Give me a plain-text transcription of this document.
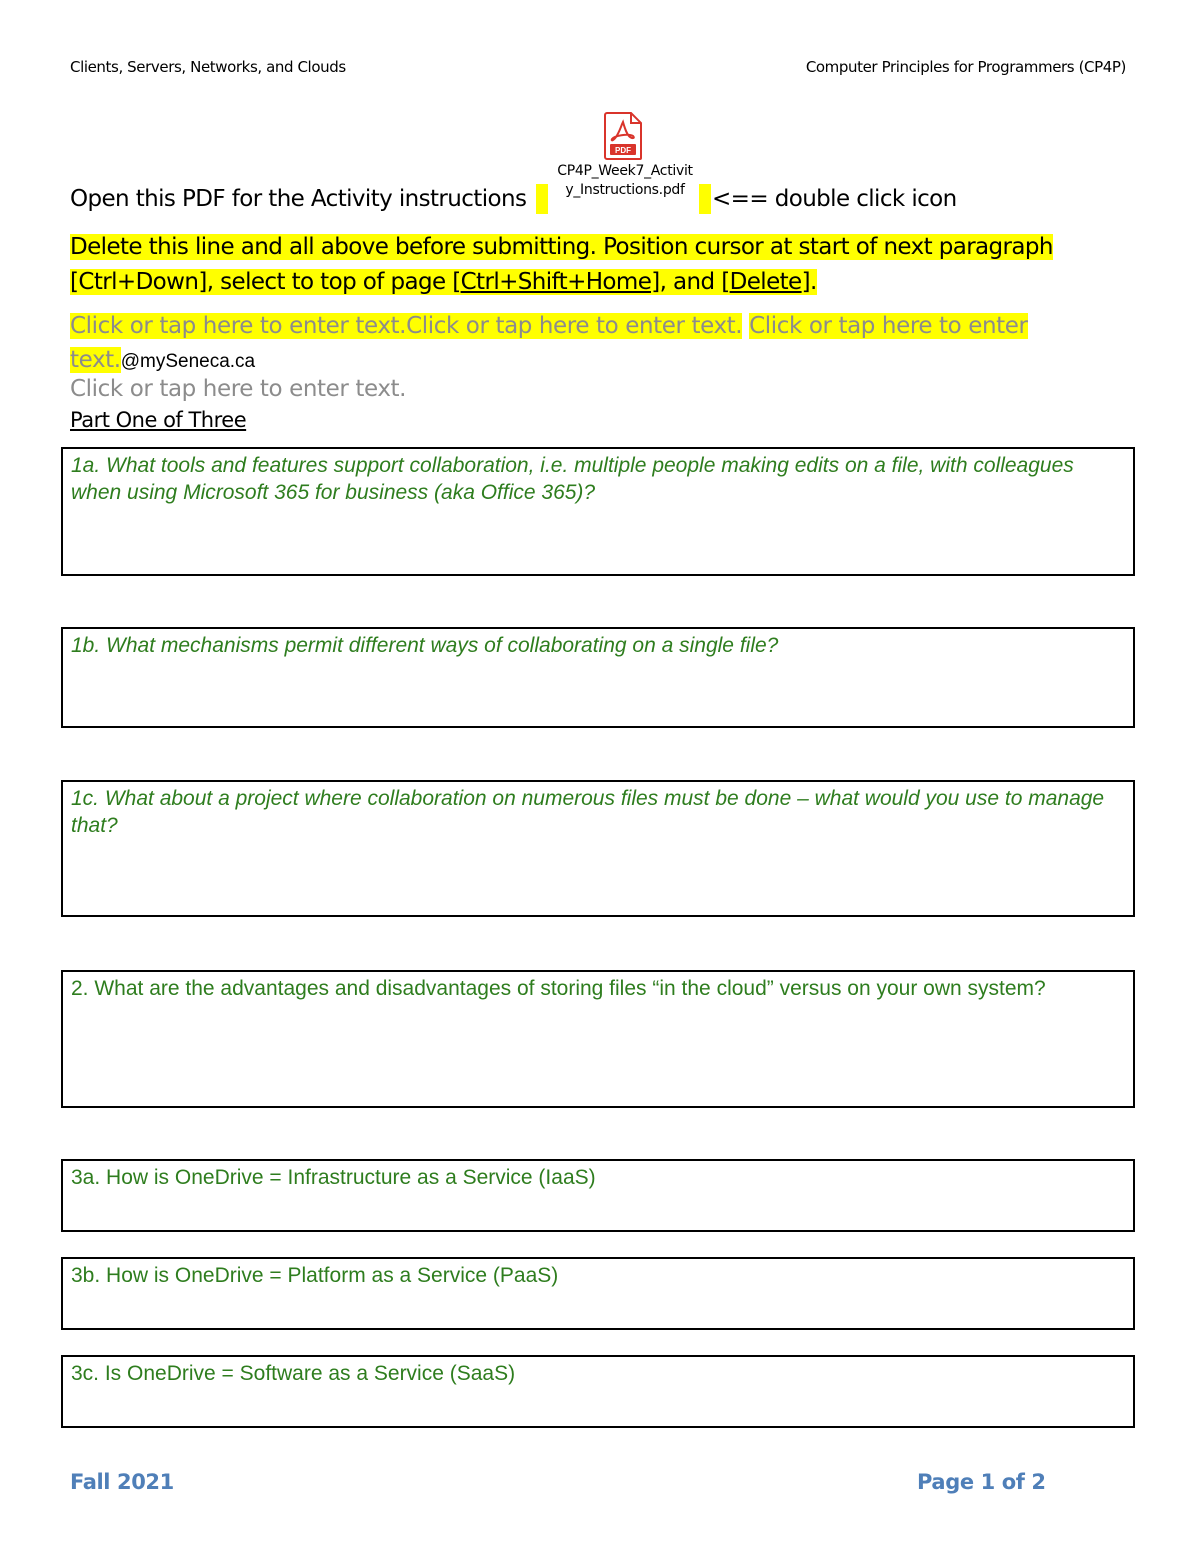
Clients, Servers, Networks, and Clouds	Computer Principles for Programmers (CP4P)
PDF
CP4P_Week7_Activit
y_Instructions.pdf
Open this PDF for the Activity instructions	<== double click icon
Delete this line and all above before submitting. Position cursor at start of next paragraph [Ctrl+Down], select to top of page [Ctrl+Shift+Home], and [Delete].
Click or tap here to enter text.Click or tap here to enter text. Click or tap here to enter text.@mySeneca.ca
Click or tap here to enter text.
Part One of Three
1a. What tools and features support collaboration, i.e. multiple people making edits on a file, with colleagues when using Microsoft 365 for business (aka Office 365)?
1b. What mechanisms permit different ways of collaborating on a single file?
1c. What about a project where collaboration on numerous files must be done – what would you use to manage that?
2. What are the advantages and disadvantages of storing files “in the cloud” versus on your own system?
3a. How is OneDrive = Infrastructure as a Service (IaaS)
3b. How is OneDrive = Platform as a Service (PaaS)
3c. Is OneDrive = Software as a Service (SaaS)
Fall 2021	Page 1 of 2
